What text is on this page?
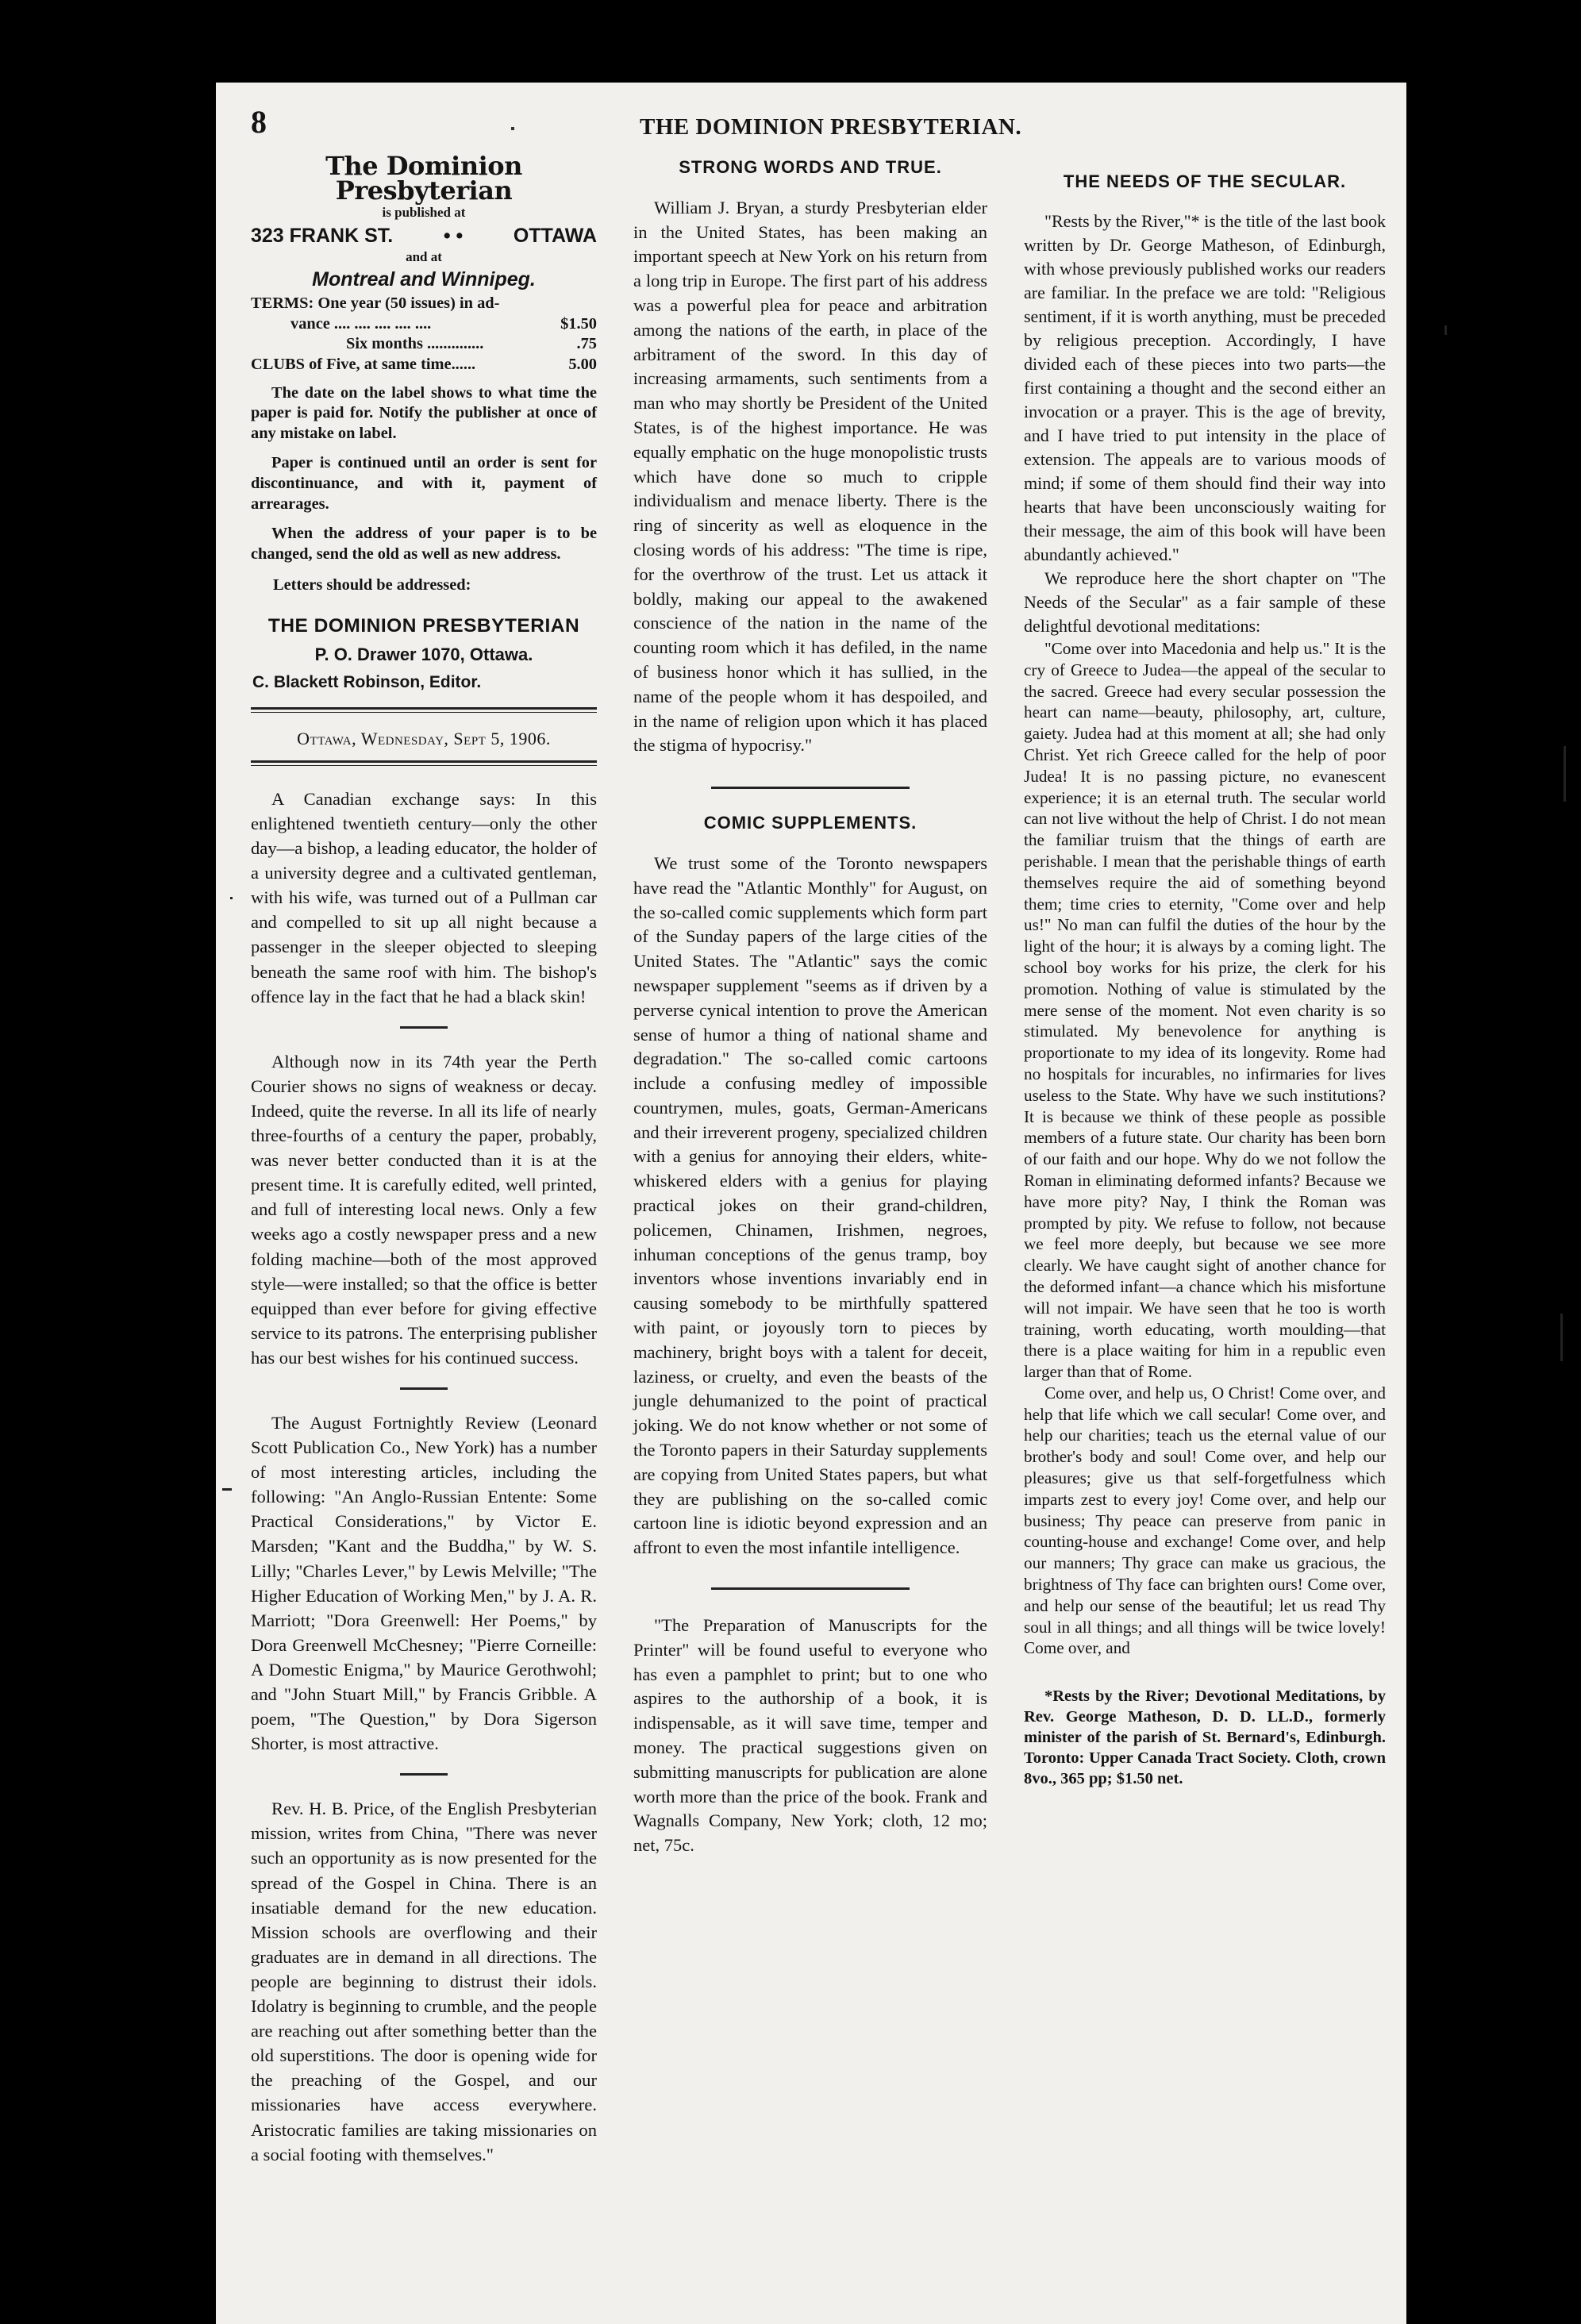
8	THE DOMINION PRESBYTERIAN.
The Dominion Presbyterian
is published at
323 FRANK ST.	• •	OTTAWA
and at
Montreal and Winnipeg.
TERMS: One year (50 issues) in ad-
vance .... .... .... .... ....	$1.50
Six months ..............	.75
CLUBS of Five, at same time......	5.00

The date on the label shows to what time the paper is paid for. Notify the publisher at once of any mistake on label.

Paper is continued until an order is sent for discontinuance, and with it, payment of arrearages.

When the address of your paper is to be changed, send the old as well as new address.

Letters should be addressed:

THE DOMINION PRESBYTERIAN
P. O. Drawer 1070, Ottawa.
C. Blackett Robinson, Editor.
Ottawa, Wednesday, Sept 5, 1906.

A Canadian exchange says: In this enlightened twentieth century—only the other day—a bishop, a leading educator, the holder of a university degree and a cultivated gentleman, with his wife, was turned out of a Pullman car and compelled to sit up all night because a passenger in the sleeper objected to sleeping beneath the same roof with him. The bishop's offence lay in the fact that he had a black skin!

Although now in its 74th year the Perth Courier shows no signs of weakness or decay. Indeed, quite the reverse. In all its life of nearly three-fourths of a century the paper, probably, was never better conducted than it is at the present time. It is carefully edited, well printed, and full of interesting local news. Only a few weeks ago a costly newspaper press and a new folding machine—both of the most approved style—were installed; so that the office is better equipped than ever before for giving effective service to its patrons. The enterprising publisher has our best wishes for his continued success.

The August Fortnightly Review (Leonard Scott Publication Co., New York) has a number of most interesting articles, including the following: "An Anglo-Russian Entente: Some Practical Considerations," by Victor E. Marsden; "Kant and the Buddha," by W. S. Lilly; "Charles Lever," by Lewis Melville; "The Higher Education of Working Men," by J. A. R. Marriott; "Dora Greenwell: Her Poems," by Dora Greenwell McChesney; "Pierre Corneille: A Domestic Enigma," by Maurice Gerothwohl; and "John Stuart Mill," by Francis Gribble. A poem, "The Question," by Dora Sigerson Shorter, is most attractive.

Rev. H. B. Price, of the English Presbyterian mission, writes from China, "There was never such an opportunity as is now presented for the spread of the Gospel in China. There is an insatiable demand for the new education. Mission schools are overflowing and their graduates are in demand in all directions. The people are beginning to distrust their idols. Idolatry is beginning to crumble, and the people are reaching out after something better than the old superstitions. The door is opening wide for the preaching of the Gospel, and our missionaries have access everywhere. Aristocratic families are taking missionaries on a social footing with themselves."

STRONG WORDS AND TRUE.

William J. Bryan, a sturdy Presbyterian elder in the United States, has been making an important speech at New York on his return from a long trip in Europe. The first part of his address was a powerful plea for peace and arbitration among the nations of the earth, in place of the arbitrament of the sword. In this day of increasing armaments, such sentiments from a man who may shortly be President of the United States, is of the highest importance. He was equally emphatic on the huge monopolistic trusts which have done so much to cripple individualism and menace liberty. There is the ring of sincerity as well as eloquence in the closing words of his address: "The time is ripe, for the overthrow of the trust. Let us attack it boldly, making our appeal to the awakened conscience of the nation in the name of the counting room which it has defiled, in the name of business honor which it has sullied, in the name of the people whom it has despoiled, and in the name of religion upon which it has placed the stigma of hypocrisy."

COMIC SUPPLEMENTS.

We trust some of the Toronto newspapers have read the "Atlantic Monthly" for August, on the so-called comic supplements which form part of the Sunday papers of the large cities of the United States. The "Atlantic" says the comic newspaper supplement "seems as if driven by a perverse cynical intention to prove the American sense of humor a thing of national shame and degradation." The so-called comic cartoons include a confusing medley of impossible countrymen, mules, goats, German-Americans and their irreverent progeny, specialized children with a genius for annoying their elders, white-whiskered elders with a genius for playing practical jokes on their grand-children, policemen, Chinamen, Irishmen, negroes, inhuman conceptions of the genus tramp, boy inventors whose inventions invariably end in causing somebody to be mirthfully spattered with paint, or joyously torn to pieces by machinery, bright boys with a talent for deceit, laziness, or cruelty, and even the beasts of the jungle dehumanized to the point of practical joking. We do not know whether or not some of the Toronto papers in their Saturday supplements are copying from United States papers, but what they are publishing on the so-called comic cartoon line is idiotic beyond expression and an affront to even the most infantile intelligence.

"The Preparation of Manuscripts for the Printer" will be found useful to everyone who has even a pamphlet to print; but to one who aspires to the authorship of a book, it is indispensable, as it will save time, temper and money. The practical suggestions given on submitting manuscripts for publication are alone worth more than the price of the book. Frank and Wagnalls Company, New York; cloth, 12 mo; net, 75c.

THE NEEDS OF THE SECULAR.

"Rests by the River,"* is the title of the last book written by Dr. George Matheson, of Edinburgh, with whose previously published works our readers are familiar. In the preface we are told: "Religious sentiment, if it is worth anything, must be preceded by religious preception. Accordingly, I have divided each of these pieces into two parts—the first containing a thought and the second either an invocation or a prayer. This is the age of brevity, and I have tried to put intensity in the place of extension. The appeals are to various moods of mind; if some of them should find their way into hearts that have been unconsciously waiting for their message, the aim of this book will have been abundantly achieved."

We reproduce here the short chapter on "The Needs of the Secular" as a fair sample of these delightful devotional meditations:

"Come over into Macedonia and help us." It is the cry of Greece to Judea—the appeal of the secular to the sacred. Greece had every secular possession the heart can name—beauty, philosophy, art, culture, gaiety. Judea had at this moment at all; she had only Christ. Yet rich Greece called for the help of poor Judea! It is no passing picture, no evanescent experience; it is an eternal truth. The secular world can not live without the help of Christ. I do not mean the familiar truism that the things of earth are perishable. I mean that the perishable things of earth themselves require the aid of something beyond them; time cries to eternity, "Come over and help us!" No man can fulfil the duties of the hour by the light of the hour; it is always by a coming light. The school boy works for his prize, the clerk for his promotion. Nothing of value is stimulated by the mere sense of the moment. Not even charity is so stimulated. My benevolence for anything is proportionate to my idea of its longevity. Rome had no hospitals for incurables, no infirmaries for lives useless to the State. Why have we such institutions? It is because we think of these people as possible members of a future state. Our charity has been born of our faith and our hope. Why do we not follow the Roman in eliminating deformed infants? Because we have more pity? Nay, I think the Roman was prompted by pity. We refuse to follow, not because we feel more deeply, but because we see more clearly. We have caught sight of another chance for the deformed infant—a chance which his misfortune will not impair. We have seen that he too is worth training, worth educating, worth moulding—that there is a place waiting for him in a republic even larger than that of Rome.

Come over, and help us, O Christ! Come over, and help that life which we call secular! Come over, and help our charities; teach us the eternal value of our brother's body and soul! Come over, and help our pleasures; give us that self-forgetfulness which imparts zest to every joy! Come over, and help our business; Thy peace can preserve from panic in counting-house and exchange! Come over, and help our manners; Thy grace can make us gracious, the brightness of Thy face can brighten ours! Come over, and help our sense of the beautiful; let us read Thy soul in all things; and all things will be twice lovely! Come over, and

*Rests by the River; Devotional Meditations, by Rev. George Matheson, D. D. LL.D., formerly minister of the parish of St. Bernard's, Edinburgh. Toronto: Upper Canada Tract Society. Cloth, crown 8vo., 365 pp; $1.50 net.
